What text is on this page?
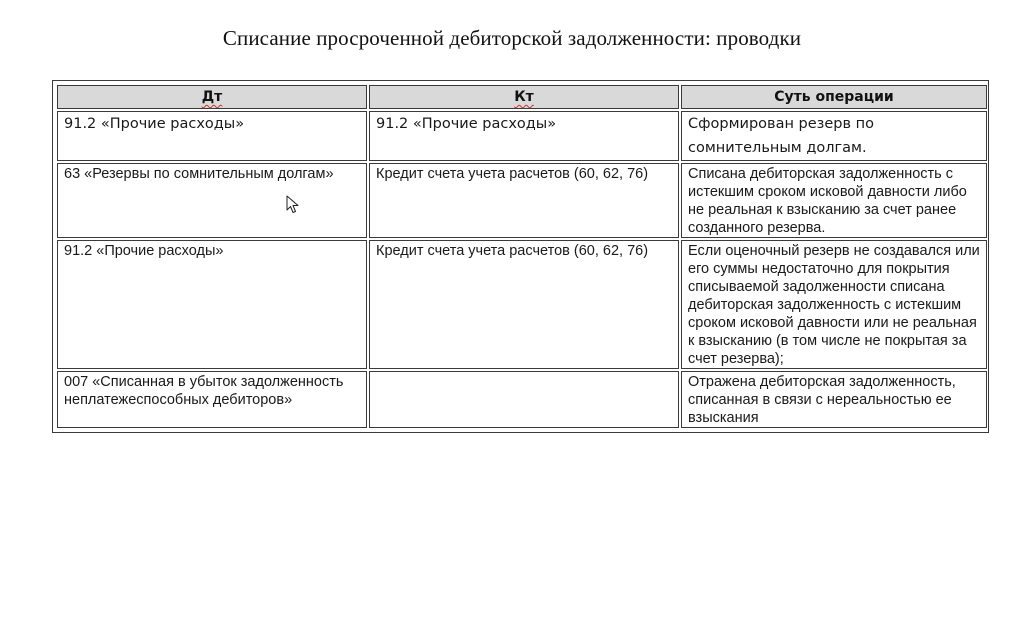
Списание просроченной дебиторской задолженности: проводки
Дт	Кт	Суть операции
91.2 «Прочие расходы»	91.2 «Прочие расходы»	Сформирован резерв по сомнительным долгам.
63 «Резервы по сомнительным долгам»	Кредит счета учета расчетов (60, 62, 76)	Списана дебиторская задолженность с истекшим сроком исковой давности либо не реальная к взысканию за счет ранее созданного резерва.
91.2 «Прочие расходы»	Кредит счета учета расчетов (60, 62, 76)	Если оценочный резерв не создавался или его суммы недостаточно для покрытия списываемой задолженности списана дебиторская задолженность с истекшим сроком исковой давности или не реальная к взысканию (в том числе не покрытая за счет резерва);
007 «Списанная в убыток задолженность неплатежеспособных дебиторов»		Отражена дебиторская задолженность, списанная в связи с нереальностью ее взыскания
